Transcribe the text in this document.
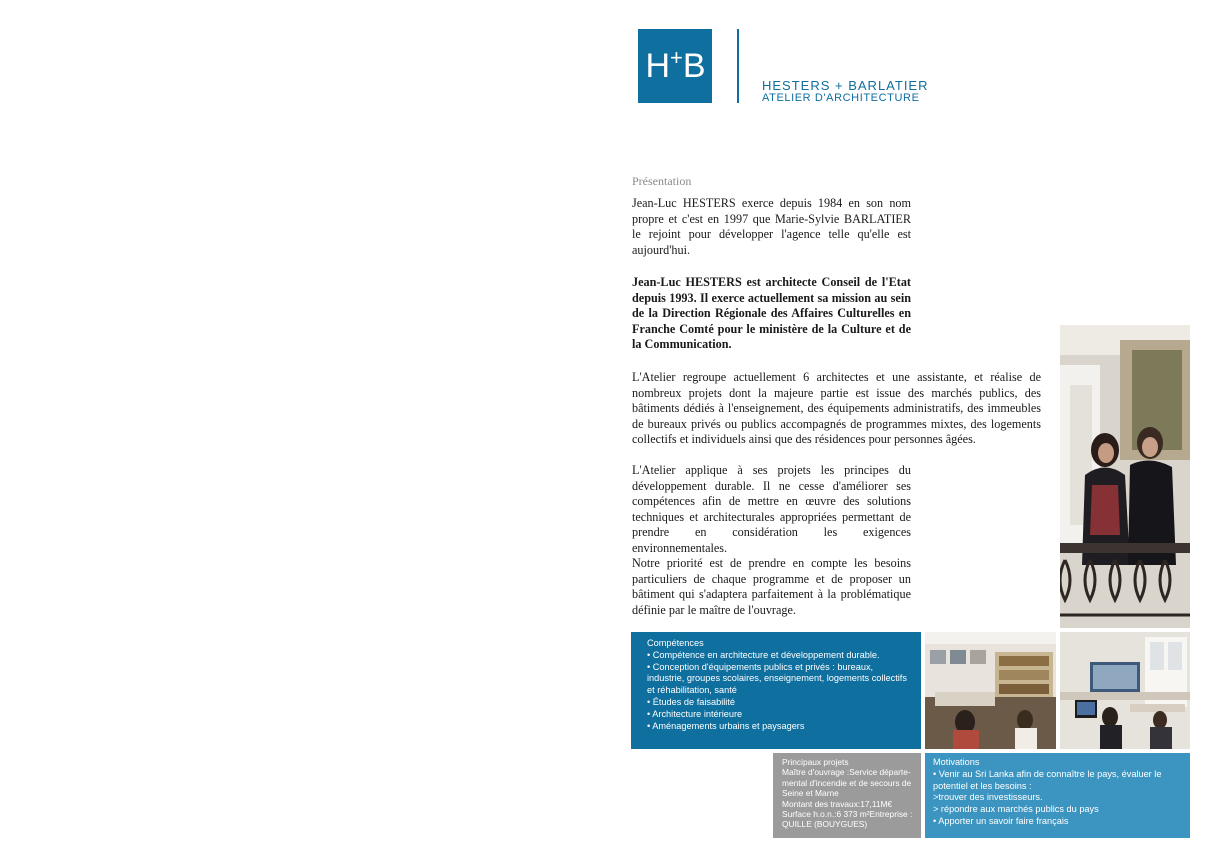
H + B
HESTERS + BARLATIER
ATELIER D'ARCHITECTURE
Présentation

Jean-Luc HESTERS exerce depuis 1984 en son nom propre et c'est en 1997 que Marie-Sylvie BARLATIER le rejoint pour développer l'agence telle qu'elle est aujourd'hui.

Jean-Luc HESTERS est architecte Conseil de l'Etat depuis 1993. Il exerce actuellement sa mission au sein de la Direction Régionale des Affaires Culturelles en Franche Comté pour le ministère de la Culture et de la Communication.

L'Atelier regroupe actuellement 6 architectes et une assistante, et réalise de nombreux projets dont la majeure partie est issue des marchés publics, des bâtiments dédiés à l'enseignement, des équipements administratifs, des immeubles de bureaux privés ou publics accompagnés de programmes mixtes, des logements collectifs et individuels ainsi que des résidences pour personnes âgées.

L'Atelier applique à ses projets les principes du développement durable. Il ne cesse d'améliorer ses compétences afin de mettre en œuvre des solutions techniques et architecturales appropriées permettant de prendre en considération les exigences environnementales.
Notre priorité est de prendre en compte les besoins particuliers de chaque programme et de proposer un bâtiment qui s'adaptera parfaitement à la problématique définie par le maître de l'ouvrage.
Compétences
• Compétence en architecture et développement durable.
• Conception d'équipements publics et privés : bureaux, industrie, groupes scolaires, enseignement, logements collectifs et réhabilitation, santé
• Études de faisabilité
• Architecture intérieure
• Aménagements urbains et paysagers
Principaux projets
Maître d'ouvrage :Service départe-mental d'incendie et de secours de Seine et Marne
Montant des travaux:17,11M€
Surface h.o.n.:6 373 m²Entreprise : QUILLE (BOUYGUES)
Motivations
• Venir au Sri Lanka afin de connaître le pays, évaluer le potentiel et les besoins :
>trouver des investisseurs.
> répondre aux marchés publics du pays
• Apporter un savoir faire français
